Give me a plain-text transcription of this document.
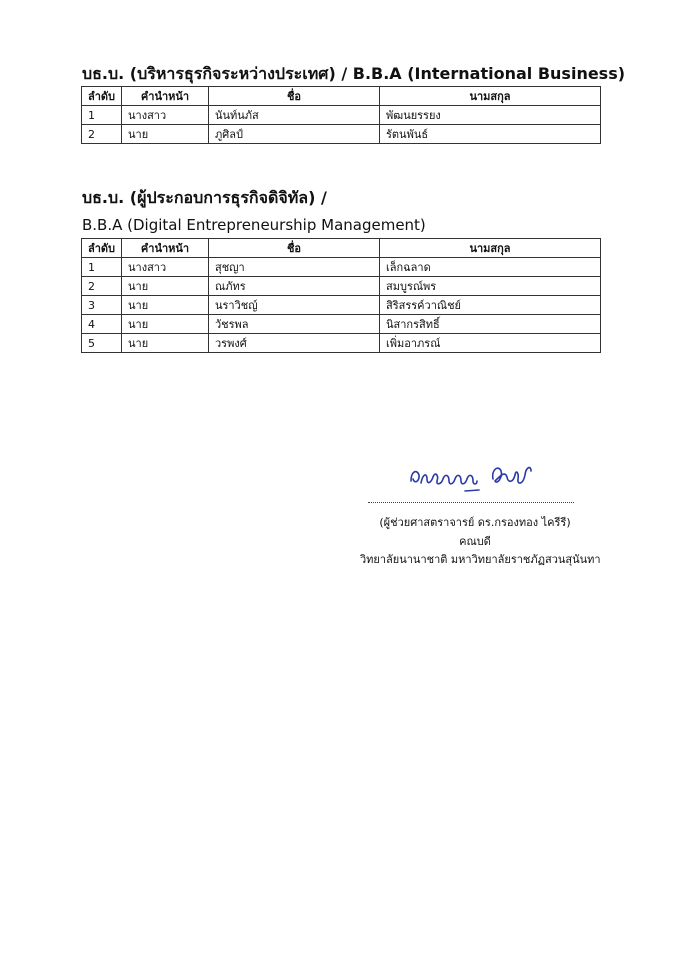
บธ.บ. (บริหารธุรกิจระหว่างประเทศ) / B.B.A (International Business)
ลำดับ	คำนำหน้า	ชื่อ	นามสกุล
1	นางสาว	นันท์นภัส	พัฒนยรรยง
2	นาย	ภูศิลป์	รัตนพันธ์
บธ.บ. (ผู้ประกอบการธุรกิจดิจิทัล) /
B.B.A (Digital Entrepreneurship Management)
ลำดับ	คำนำหน้า	ชื่อ	นามสกุล
1	นางสาว	สุชญา	เล็กฉลาด
2	นาย	ณภัทร	สมบูรณ์พร
3	นาย	นราวิชญ์	สิริสรรค์วาณิชย์
4	นาย	วัชรพล	นิสากรสิทธิ์
5	นาย	วรพงศ์	เพิ่มอาภรณ์
(ผู้ช่วยศาสตราจารย์ ดร.กรองทอง ไครีรี)
คณบดี
วิทยาลัยนานาชาติ มหาวิทยาลัยราชภัฏสวนสุนันทา
